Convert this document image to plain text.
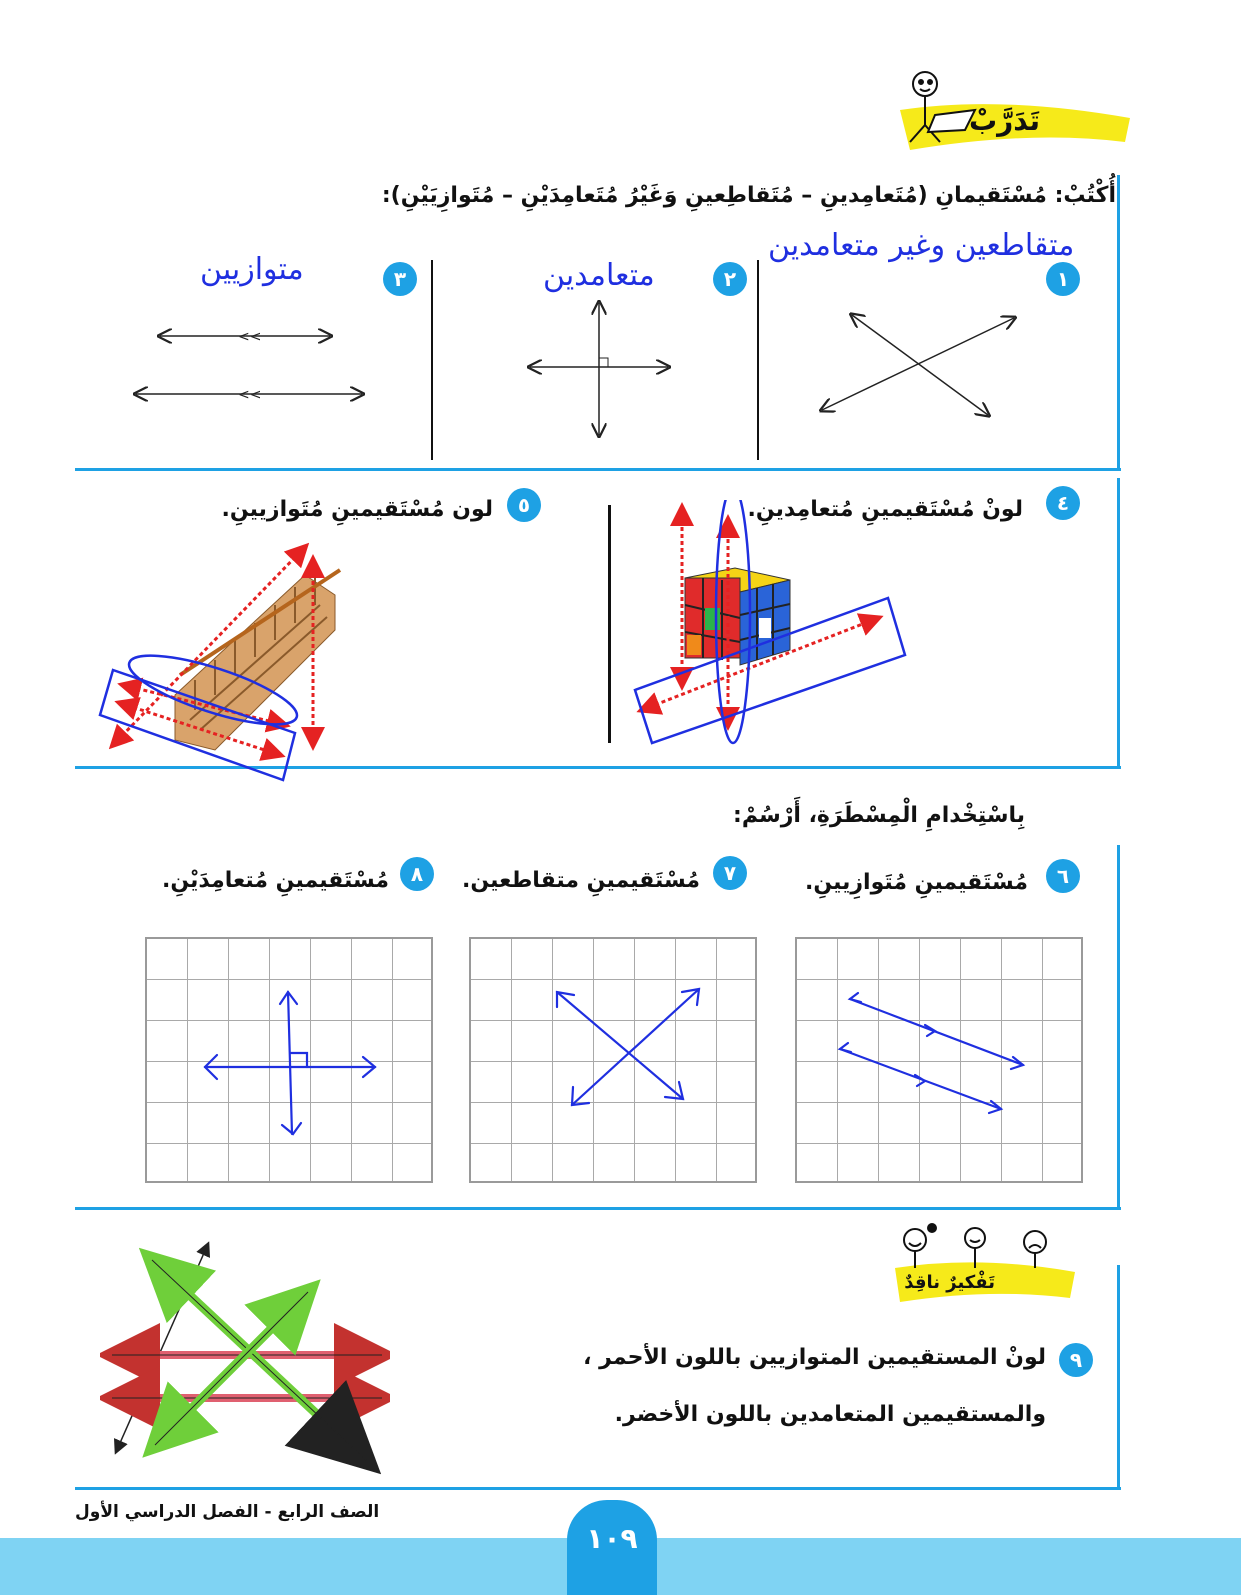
تَدَرَّبْ
أُكْتُبْ: مُسْتَقيمانِ (مُتَعامِدينِ – مُتَقاطِعينِ وَغَيْرُ مُتَعامِدَيْنِ – مُتَوازِيَيْنِ):
١
متقاطعين وغير متعامدين
٢
متعامدين
٣
متوازيين
<<
<<
٤
لونْ مُسْتَقيمينِ مُتعامِدينِ.
٥
لون مُسْتَقيمينِ مُتَوازيينِ.
بِاسْتِخْدامِ الْمِسْطَرَةِ، أَرْسُمْ:
٦
مُسْتَقيمينِ مُتَوازِيينِ.
٧
مُسْتَقيمينِ متقاطعين.
٨
مُسْتَقيمينِ مُتعامِدَيْنِ.
تَفْكيرٌ ناقِدٌ
٩
لونْ المستقيمين المتوازيين باللون الأحمر ،
والمستقيمين المتعامدين باللون الأخضر.
١٠٩
الصف الرابع - الفصل الدراسي الأول
